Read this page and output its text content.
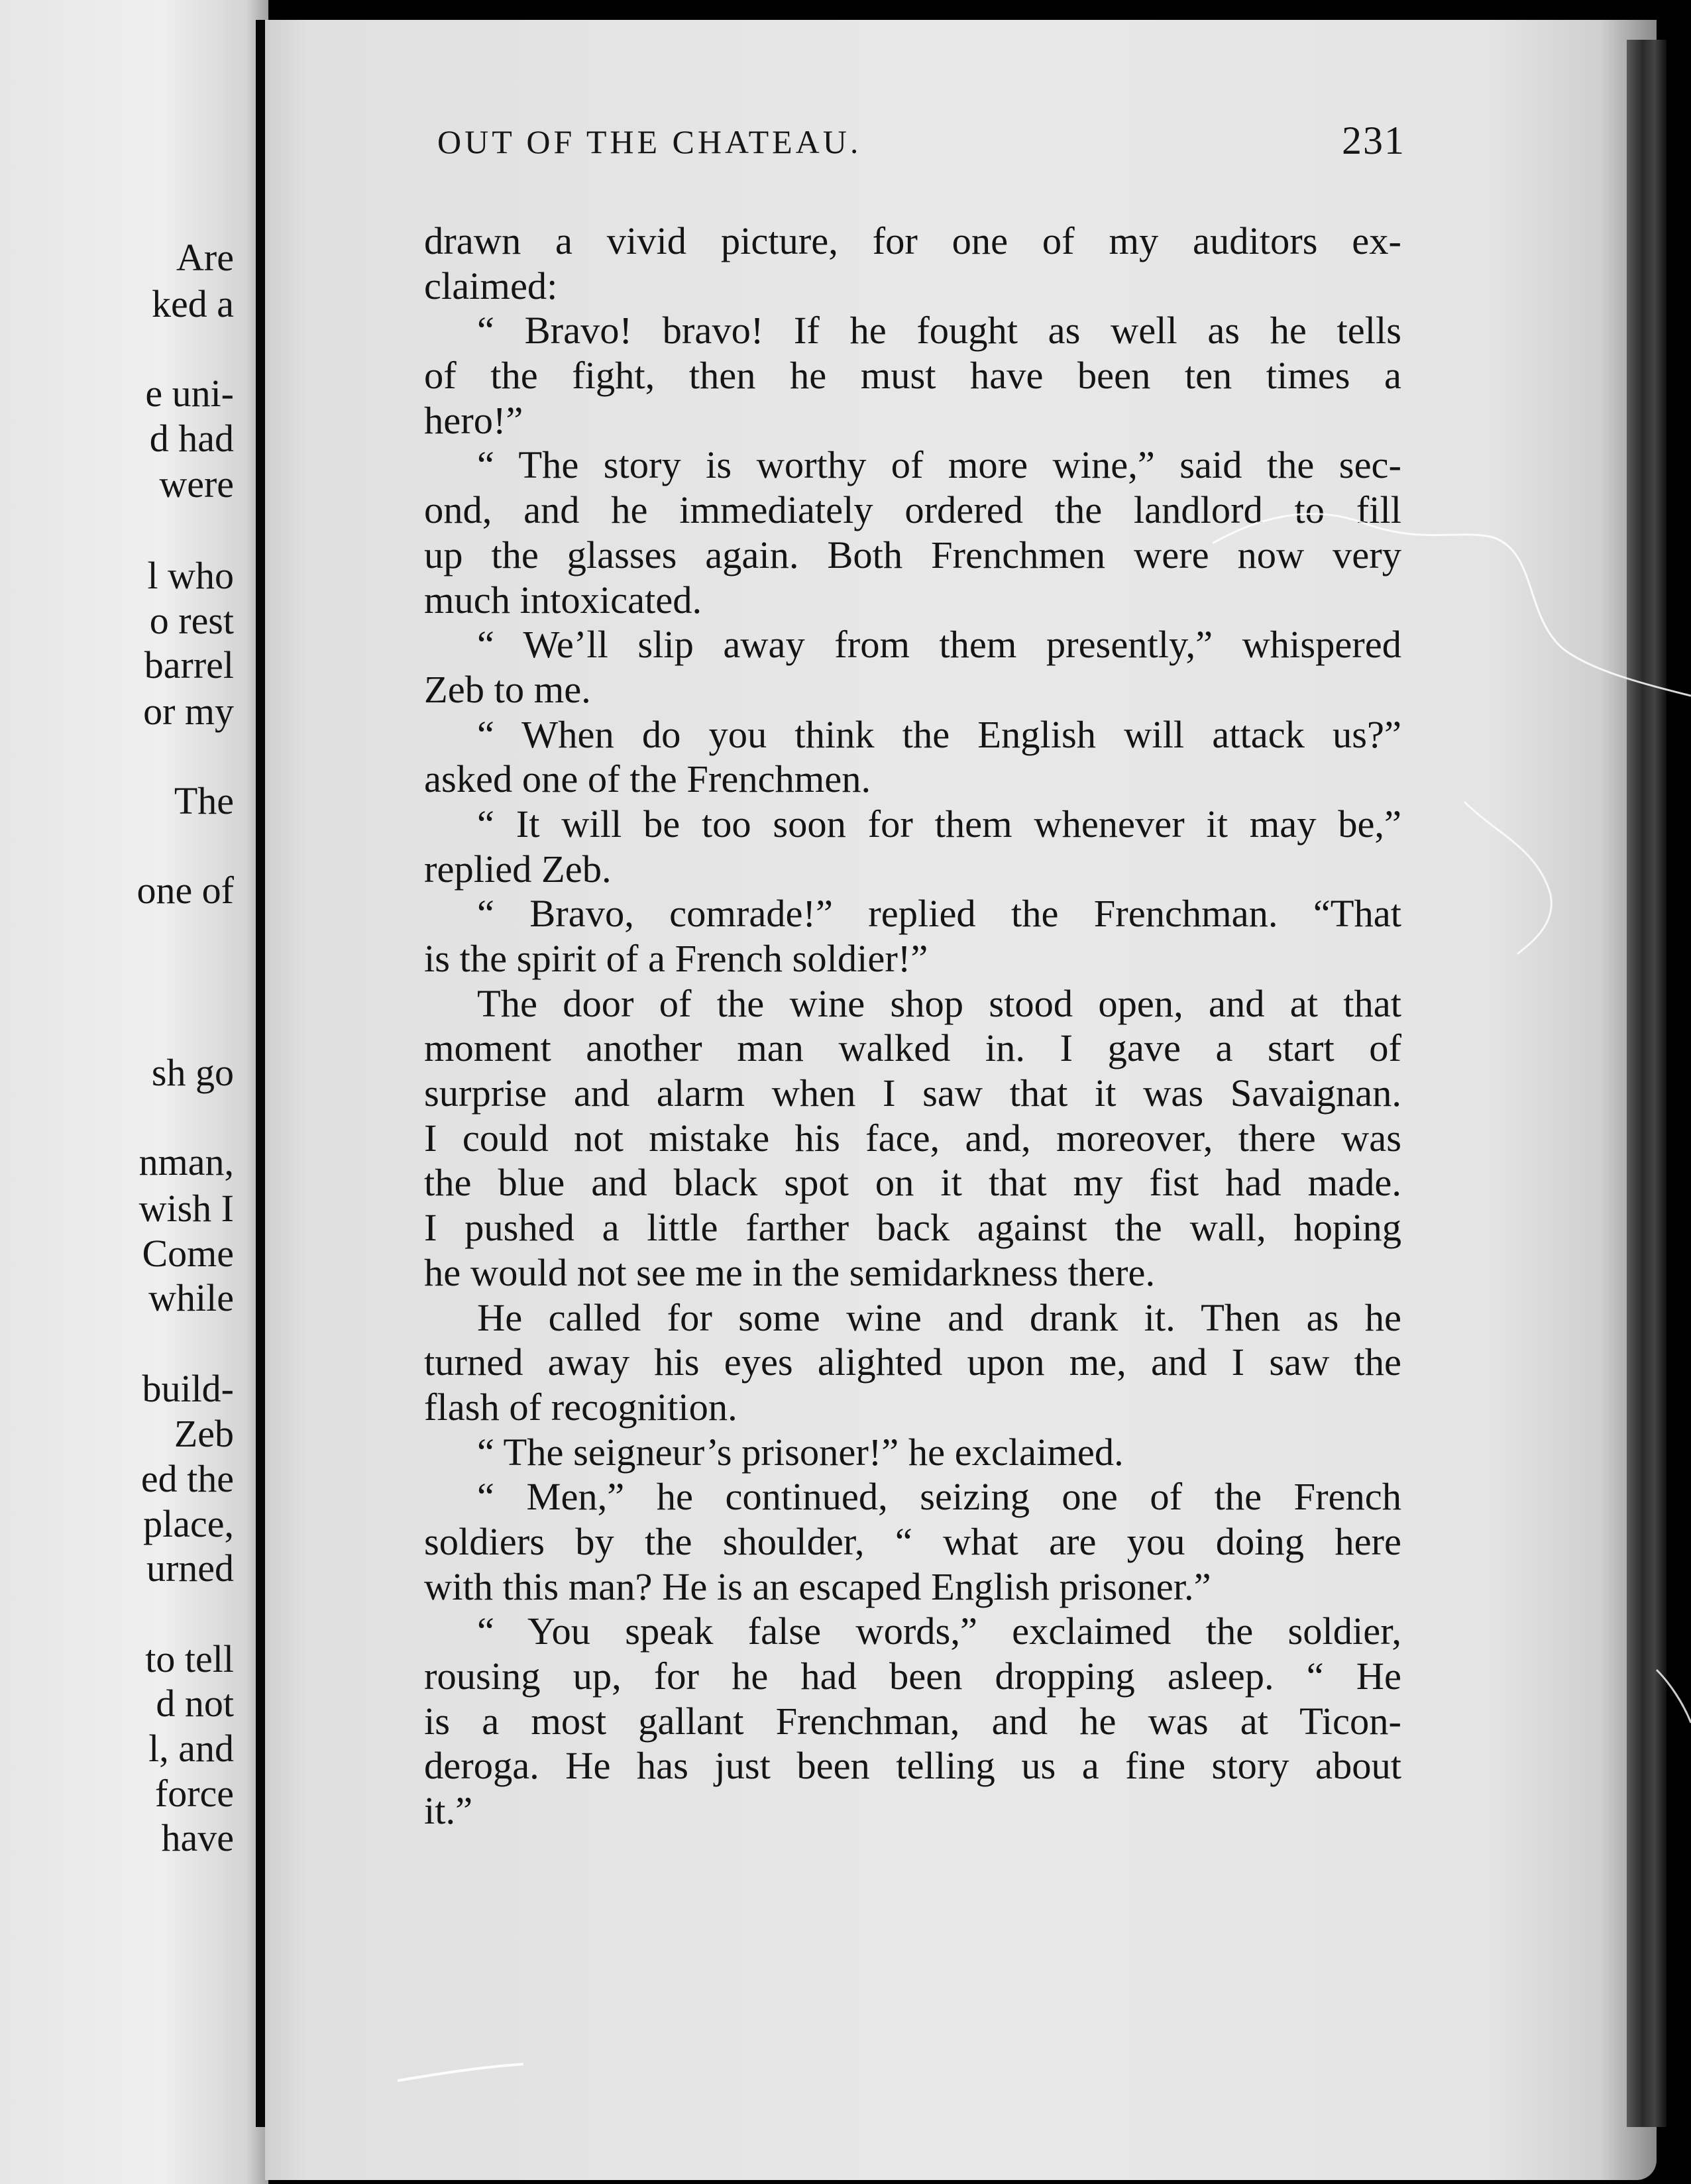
Are
ked a
e uni-
d had
were
l who
o rest
barrel
or my
The
one of
sh go
nman,
wish I
Come
while
build-
Zeb
ed the
place,
urned
to tell
d not
l, and
force
have
OUT OF THE CHATEAU.	231
drawn a vivid picture, for one of my auditors ex-
claimed:
“ Bravo! bravo! If he fought as well as he tells
of the fight, then he must have been ten times a
hero!”
“ The story is worthy of more wine,” said the sec-
ond, and he immediately ordered the landlord to fill
up the glasses again. Both Frenchmen were now very
much intoxicated.
“ We’ll slip away from them presently,” whispered
Zeb to me.
“ When do you think the English will attack us?”
asked one of the Frenchmen.
“ It will be too soon for them whenever it may be,”
replied Zeb.
“ Bravo, comrade!” replied the Frenchman. “That
is the spirit of a French soldier!”
The door of the wine shop stood open, and at that
moment another man walked in. I gave a start of
surprise and alarm when I saw that it was Savaignan.
I could not mistake his face, and, moreover, there was
the blue and black spot on it that my fist had made.
I pushed a little farther back against the wall, hoping
he would not see me in the semidarkness there.
He called for some wine and drank it. Then as he
turned away his eyes alighted upon me, and I saw the
flash of recognition.
“ The seigneur’s prisoner!” he exclaimed.
“ Men,” he continued, seizing one of the French
soldiers by the shoulder, “ what are you doing here
with this man? He is an escaped English prisoner.”
“ You speak false words,” exclaimed the soldier,
rousing up, for he had been dropping asleep. “ He
is a most gallant Frenchman, and he was at Ticon-
deroga. He has just been telling us a fine story about
it.”
